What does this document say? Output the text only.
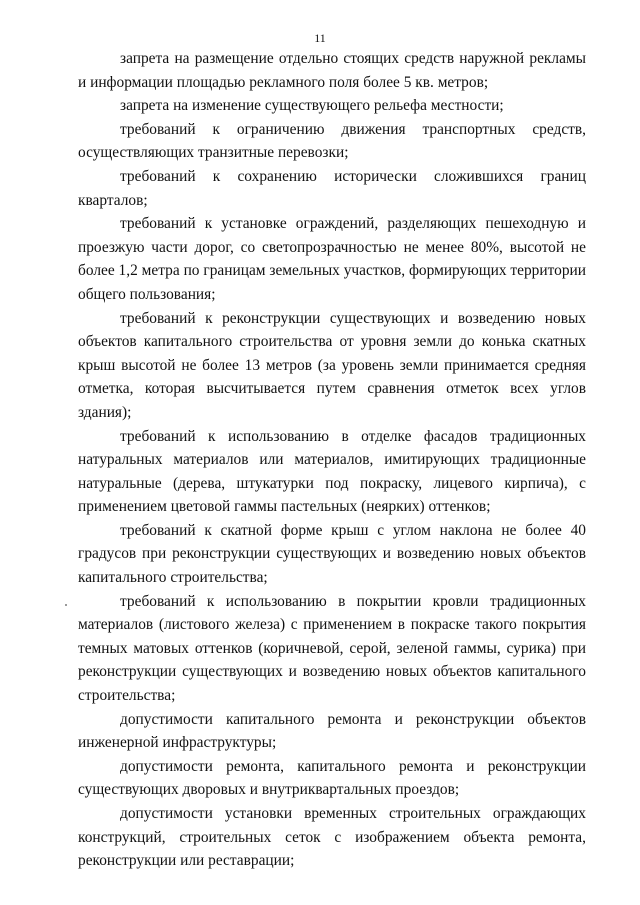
11

запрета на размещение отдельно стоящих средств наружной рекламы и информации площадью рекламного поля более 5 кв. метров;

запрета на изменение существующего рельефа местности;

требований к ограничению движения транспортных средств, осуществляющих транзитные перевозки;

требований к сохранению исторически сложившихся границ кварталов;

требований к установке ограждений, разделяющих пешеходную и проезжую части дорог, со светопрозрачностью не менее 80%, высотой не более 1,2 метра по границам земельных участков, формирующих территории общего пользования;

требований к реконструкции существующих и возведению новых объектов капитального строительства от уровня земли до конька скатных крыш высотой не более 13 метров (за уровень земли принимается средняя отметка, которая высчитывается путем сравнения отметок всех углов здания);

требований к использованию в отделке фасадов традиционных натуральных материалов или материалов, имитирующих традиционные натуральные (дерева, штукатурки под покраску, лицевого кирпича), с применением цветовой гаммы пастельных (неярких) оттенков;

требований к скатной форме крыш с углом наклона не более 40 градусов при реконструкции существующих и возведению новых объектов капитального строительства;

требований к использованию в покрытии кровли традиционных материалов (листового железа) с применением в покраске такого покрытия темных матовых оттенков (коричневой, серой, зеленой гаммы, сурика) при реконструкции существующих и возведению новых объектов капитального строительства;

допустимости капитального ремонта и реконструкции объектов инженерной инфраструктуры;

допустимости ремонта, капитального ремонта и реконструкции существующих дворовых и внутриквартальных проездов;

допустимости установки временных строительных ограждающих конструкций, строительных сеток с изображением объекта ремонта, реконструкции или реставрации;
